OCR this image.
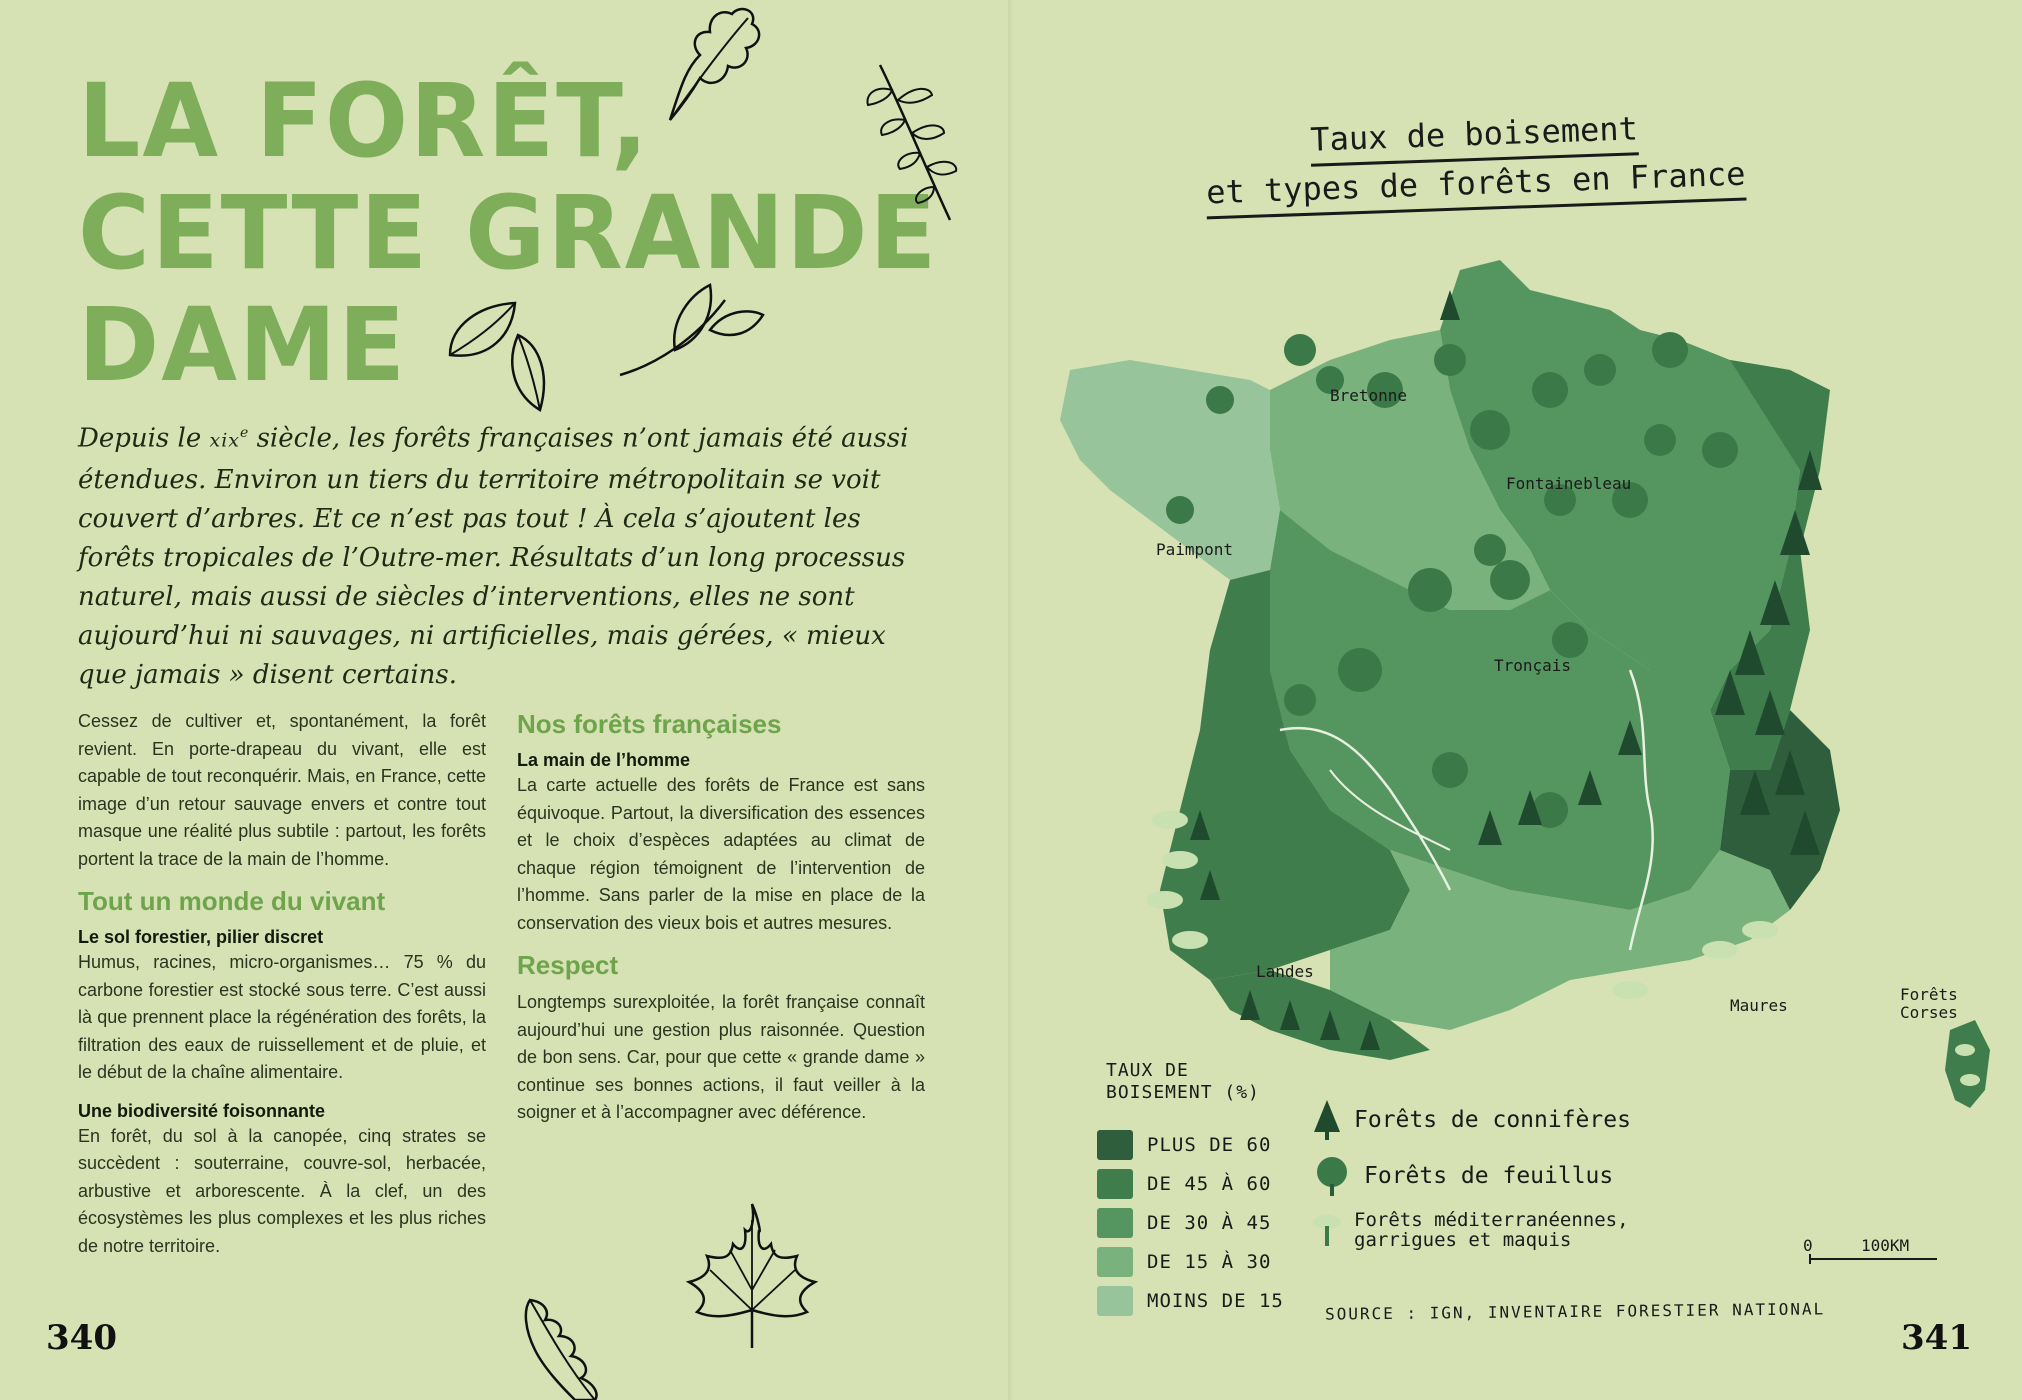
LA FORÊT,
CETTE GRANDE
DAME

Depuis le xix$^e$ siècle, les forêts françaises n’ont jamais été aussi étendues. Environ un tiers du territoire métropolitain se voit couvert d’arbres. Et ce n’est pas tout ! À cela s’ajoutent les forêts tropicales de l’Outre-mer. Résultats d’un long processus naturel, mais aussi de siècles d’interventions, elles ne sont aujourd’hui ni sauvages, ni artificielles, mais gérées, « mieux que jamais » disent certains.

Cessez de cultiver et, spontanément, la forêt revient. En porte-drapeau du vivant, elle est capable de tout reconquérir. Mais, en France, cette image d’un retour sauvage envers et contre tout masque une réalité plus subtile : partout, les forêts portent la trace de la main de l’homme.

Tout un monde du vivant
Le sol forestier, pilier discret

Humus, racines, micro-organismes… 75 % du carbone forestier est stocké sous terre. C’est aussi là que prennent place la régénération des forêts, la filtration des eaux de ruissellement et de pluie, et le début de la chaîne alimentaire.

Une biodiversité foisonnante

En forêt, du sol à la canopée, cinq strates se succèdent : souterraine, couvre-sol, herbacée, arbustive et arborescente. À la clef, un des écosystèmes les plus complexes et les plus riches de notre territoire.

Nos forêts françaises
La main de l’homme

La carte actuelle des forêts de France est sans équivoque. Partout, la diversification des essences et le choix d’espèces adaptées au climat de chaque région témoignent de l’intervention de l’homme. Sans parler de la mise en place de la conservation des vieux bois et autres mesures.

Respect

Longtemps surexploitée, la forêt française connaît aujourd’hui une gestion plus raisonnée. Question de bon sens. Car, pour que cette « grande dame » continue ses bonnes actions, il faut veiller à la soigner et à l’accompagner avec déférence.

340
Taux de boisement
et types de forêts en France
Bretonne
Fontainebleau
Paimpont
Tronçais
Landes
Maures
Forêts
Corses
TAUX DE
BOISEMENT (%)
PLUS DE 60
DE 45 À 60
DE 30 À 45
DE 15 À 30
MOINS DE 15
Forêts de connifères
Forêts de feuillus
Forêts méditerranéennes, garrigues et maquis	0	100KM
SOURCE : IGN, INVENTAIRE FORESTIER NATIONAL
341
